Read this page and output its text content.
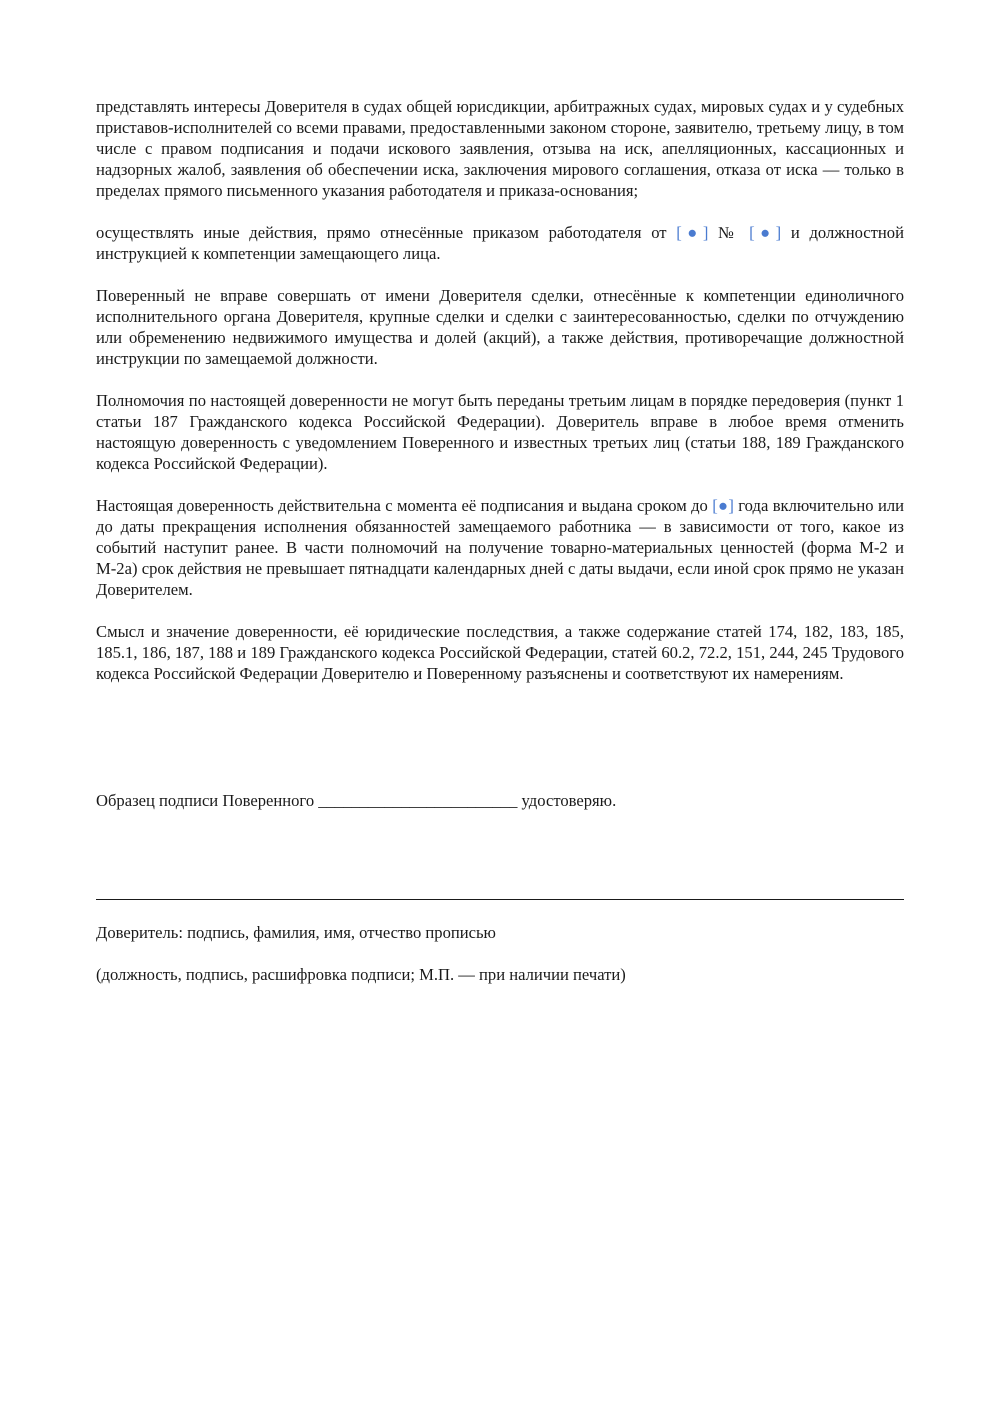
представлять интересы Доверителя в судах общей юрисдикции, арбитражных судах, мировых судах и у судебных приставов-исполнителей со всеми правами, предоставленными законом стороне, заявителю, третьему лицу, в том числе с правом подписания и подачи искового заявления, отзыва на иск, апелляционных, кассационных и надзорных жалоб, заявления об обеспечении иска, заключения мирового соглашения, отказа от иска — только в пределах прямого письменного указания работодателя и приказа-основания;

осуществлять иные действия, прямо отнесённые приказом работодателя от [●] № [●] и должностной инструкцией к компетенции замещающего лица.

Поверенный не вправе совершать от имени Доверителя сделки, отнесённые к компетенции единоличного исполнительного органа Доверителя, крупные сделки и сделки с заинтересованностью, сделки по отчуждению или обременению недвижимого имущества и долей (акций), а также действия, противоречащие должностной инструкции по замещаемой должности.

Полномочия по настоящей доверенности не могут быть переданы третьим лицам в порядке передоверия (пункт 1 статьи 187 Гражданского кодекса Российской Федерации). Доверитель вправе в любое время отменить настоящую доверенность с уведомлением Поверенного и известных третьих лиц (статьи 188, 189 Гражданского кодекса Российской Федерации).

Настоящая доверенность действительна с момента её подписания и выдана сроком до [●] года включительно или до даты прекращения исполнения обязанностей замещаемого работника — в зависимости от того, какое из событий наступит ранее. В части полномочий на получение товарно-материальных ценностей (форма М-2 и М-2а) срок действия не превышает пятнадцати календарных дней с даты выдачи, если иной срок прямо не указан Доверителем.

Смысл и значение доверенности, её юридические последствия, а также содержание статей 174, 182, 183, 185, 185.1, 186, 187, 188 и 189 Гражданского кодекса Российской Федерации, статей 60.2, 72.2, 151, 244, 245 Трудового кодекса Российской Федерации Доверителю и Поверенному разъяснены и соответствуют их намерениям.

Образец подписи Поверенного ________________________ удостоверяю.
Доверитель: подпись, фамилия, имя, отчество прописью
(должность, подпись, расшифровка подписи; М.П. — при наличии печати)
